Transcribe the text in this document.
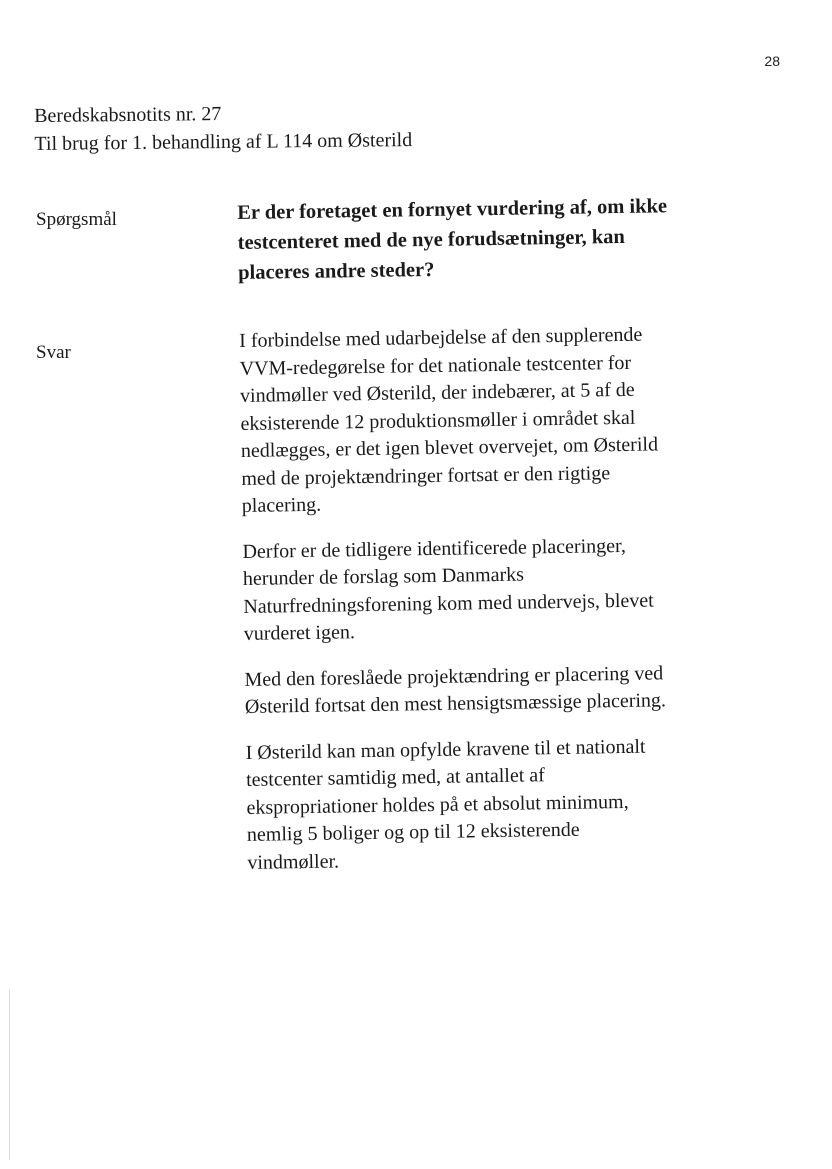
28
Beredskabsnotits nr. 27
Til brug for 1. behandling af L 114 om Østerild
Spørgsmål	Er der foretaget en fornyet vurdering af, om ikke
testcenteret med de nye forudsætninger, kan
placeres andre steder?
Svar

I forbindelse med udarbejdelse af den supplerende
VVM-redegørelse for det nationale testcenter for
vindmøller ved Østerild, der indebærer, at 5 af de
eksisterende 12 produktionsmøller i området skal
nedlægges, er det igen blevet overvejet, om Østerild
med de projektændringer fortsat er den rigtige
placering.

Derfor er de tidligere identificerede placeringer,
herunder de forslag som Danmarks
Naturfredningsforening kom med undervejs, blevet
vurderet igen.

Med den foreslåede projektændring er placering ved
Østerild fortsat den mest hensigtsmæssige placering.

I Østerild kan man opfylde kravene til et nationalt
testcenter samtidig med, at antallet af
ekspropriationer holdes på et absolut minimum,
nemlig 5 boliger og op til 12 eksisterende
vindmøller.
